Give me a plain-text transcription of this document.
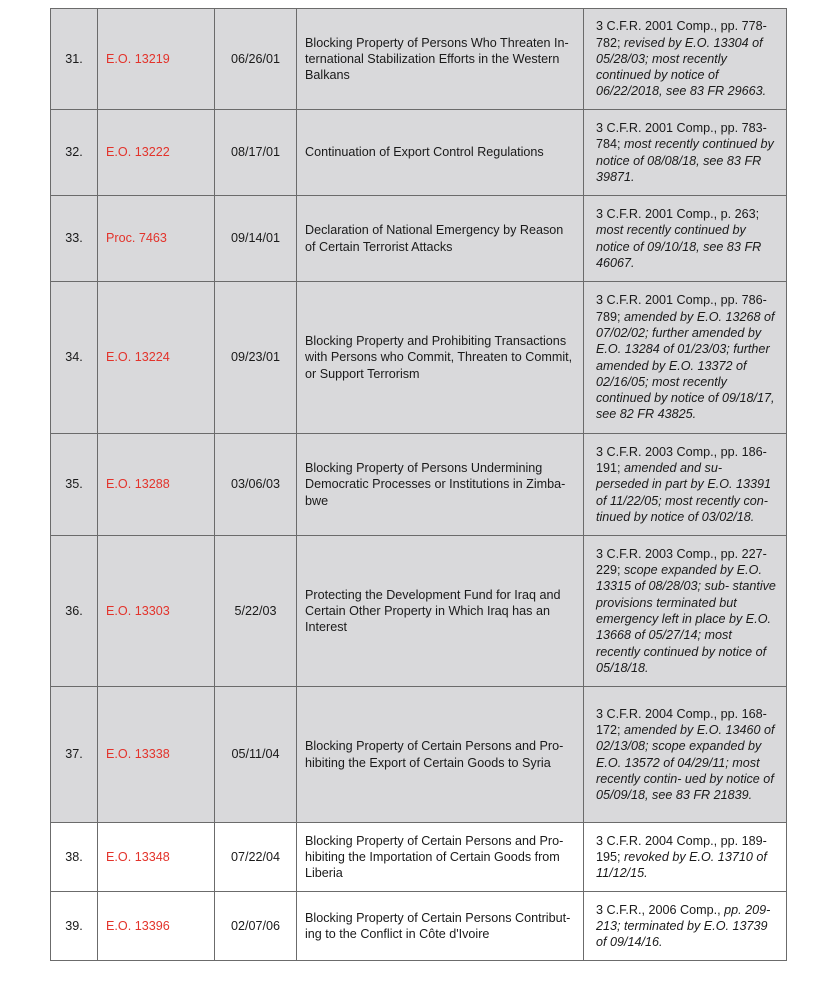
31.	E.O. 13219	06/26/01	Blocking Property of Persons Who Threaten In- ternational Stabilization Efforts in the Western Balkans	3 C.F.R. 2001 Comp., pp. 778-782; revised by E.O. 13304 of 05/28/03; most recently continued by notice of 06/22/2018, see 83 FR 29663.
32.	E.O. 13222	08/17/01	Continuation of Export Control Regulations	3 C.F.R. 2001 Comp., pp. 783-784; most recently continued by notice of 08/08/18, see 83 FR 39871.
33.	Proc. 7463	09/14/01	Declaration of National Emergency by Reason of Certain Terrorist Attacks	3 C.F.R. 2001 Comp., p. 263; most recently continued by notice of 09/10/18, see 83 FR 46067.
34.	E.O. 13224	09/23/01	Blocking Property and Prohibiting Transactions with Persons who Commit, Threaten to Commit, or Support Terrorism	3 C.F.R. 2001 Comp., pp. 786-789; amended by E.O. 13268 of 07/02/02; further amended by E.O. 13284 of 01/23/03; further amended by E.O. 13372 of 02/16/05; most recently continued by notice of 09/18/17, see 82 FR 43825.
35.	E.O. 13288	03/06/03	Blocking Property of Persons Undermining Democratic Processes or Institutions in Zimba- bwe	3 C.F.R. 2003 Comp., pp. 186-191; amended and su- perseded in part by E.O. 13391 of 11/22/05; most recently con- tinued by notice of 03/02/18.
36.	E.O. 13303	5/22/03	Protecting the Development Fund for Iraq and Certain Other Property in Which Iraq has an Interest	3 C.F.R. 2003 Comp., pp. 227-229; scope expanded by E.O. 13315 of 08/28/03; sub- stantive provisions terminated but emergency left in place by E.O. 13668 of 05/27/14; most recently continued by notice of 05/18/18.
37.	E.O. 13338	05/11/04	Blocking Property of Certain Persons and Pro- hibiting the Export of Certain Goods to Syria	3 C.F.R. 2004 Comp., pp. 168-172; amended by E.O. 13460 of 02/13/08; scope expanded by E.O. 13572 of 04/29/11; most recently contin- ued by notice of 05/09/18, see 83 FR 21839.
38.	E.O. 13348	07/22/04	Blocking Property of Certain Persons and Pro- hibiting the Importation of Certain Goods from Liberia	3 C.F.R. 2004 Comp., pp. 189-195; revoked by E.O. 13710 of 11/12/15.
39.	E.O. 13396	02/07/06	Blocking Property of Certain Persons Contribut- ing to the Conflict in Côte d'Ivoire	3 C.F.R., 2006 Comp., pp. 209-213; terminated by E.O. 13739 of 09/14/16.
